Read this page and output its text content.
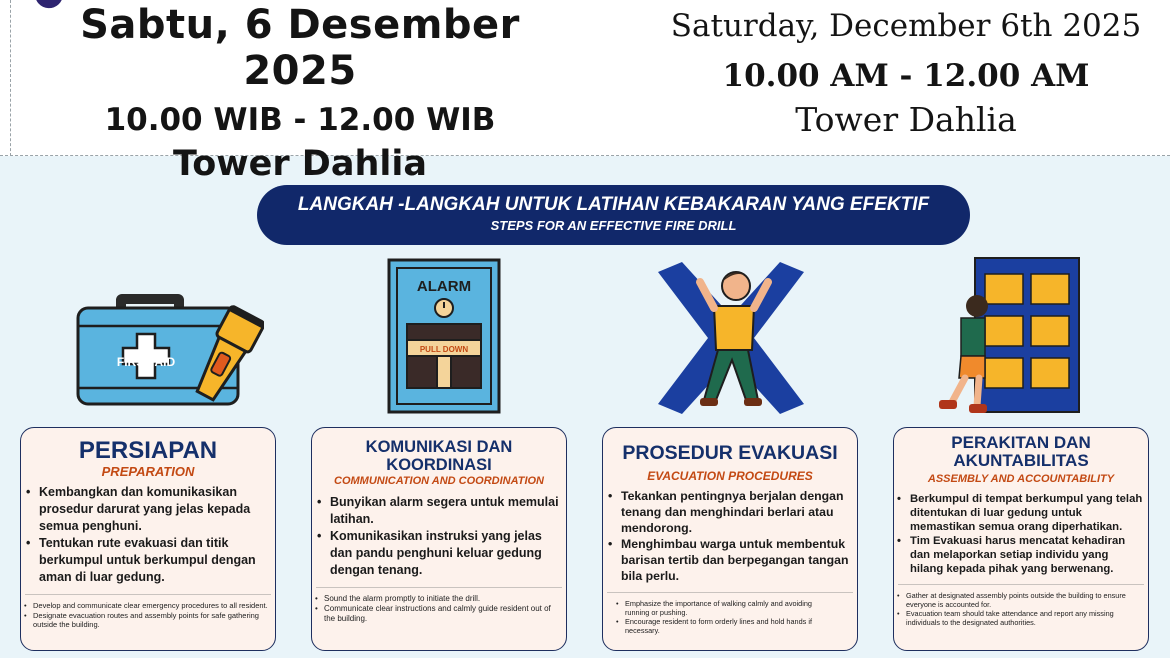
Sabtu, 6 Desember 2025
10.00 WIB - 12.00 WIB
Tower Dahlia
Saturday, December 6th 2025
10.00 AM - 12.00 AM
Tower Dahlia
LANGKAH -LANGKAH UNTUK LATIHAN KEBAKARAN YANG EFEKTIF
STEPS FOR AN EFFECTIVE FIRE DRILL
FIRST AID
ALARM
PULL DOWN
PERSIAPAN
PREPARATION
• Kembangkan dan komunikasikan prosedur darurat yang jelas kepada semua penghuni.
• Tentukan rute evakuasi dan titik berkumpul untuk berkumpul dengan aman di luar gedung.
• Develop and communicate clear emergency procedures to all resident.
• Designate evacuation routes and assembly points for safe gathering outside the building.
KOMUNIKASI DAN KOORDINASI
COMMUNICATION AND COORDINATION
• Bunyikan alarm segera untuk memulai latihan.
• Komunikasikan instruksi yang jelas dan pandu penghuni keluar gedung dengan tenang.
• Sound the alarm promptly to initiate the drill.
• Communicate clear instructions and calmly guide resident out of the building.
PROSEDUR EVAKUASI
EVACUATION PROCEDURES
• Tekankan pentingnya berjalan dengan tenang dan menghindari berlari atau mendorong.
• Menghimbau warga untuk membentuk barisan tertib dan berpegangan tangan bila perlu.
• Emphasize the importance of walking calmly and avoiding running or pushing.
• Encourage resident to form orderly lines and hold hands if necessary.
PERAKITAN DAN AKUNTABILITAS
ASSEMBLY AND ACCOUNTABILITY
• Berkumpul di tempat berkumpul yang telah ditentukan di luar gedung untuk memastikan semua orang diperhatikan.
• Tim Evakuasi harus mencatat kehadiran dan melaporkan setiap individu yang hilang kepada pihak yang berwenang.
• Gather at designated assembly points outside the building to ensure everyone is accounted for.
• Evacuation team should take attendance and report any missing individuals to the designated authorities.
